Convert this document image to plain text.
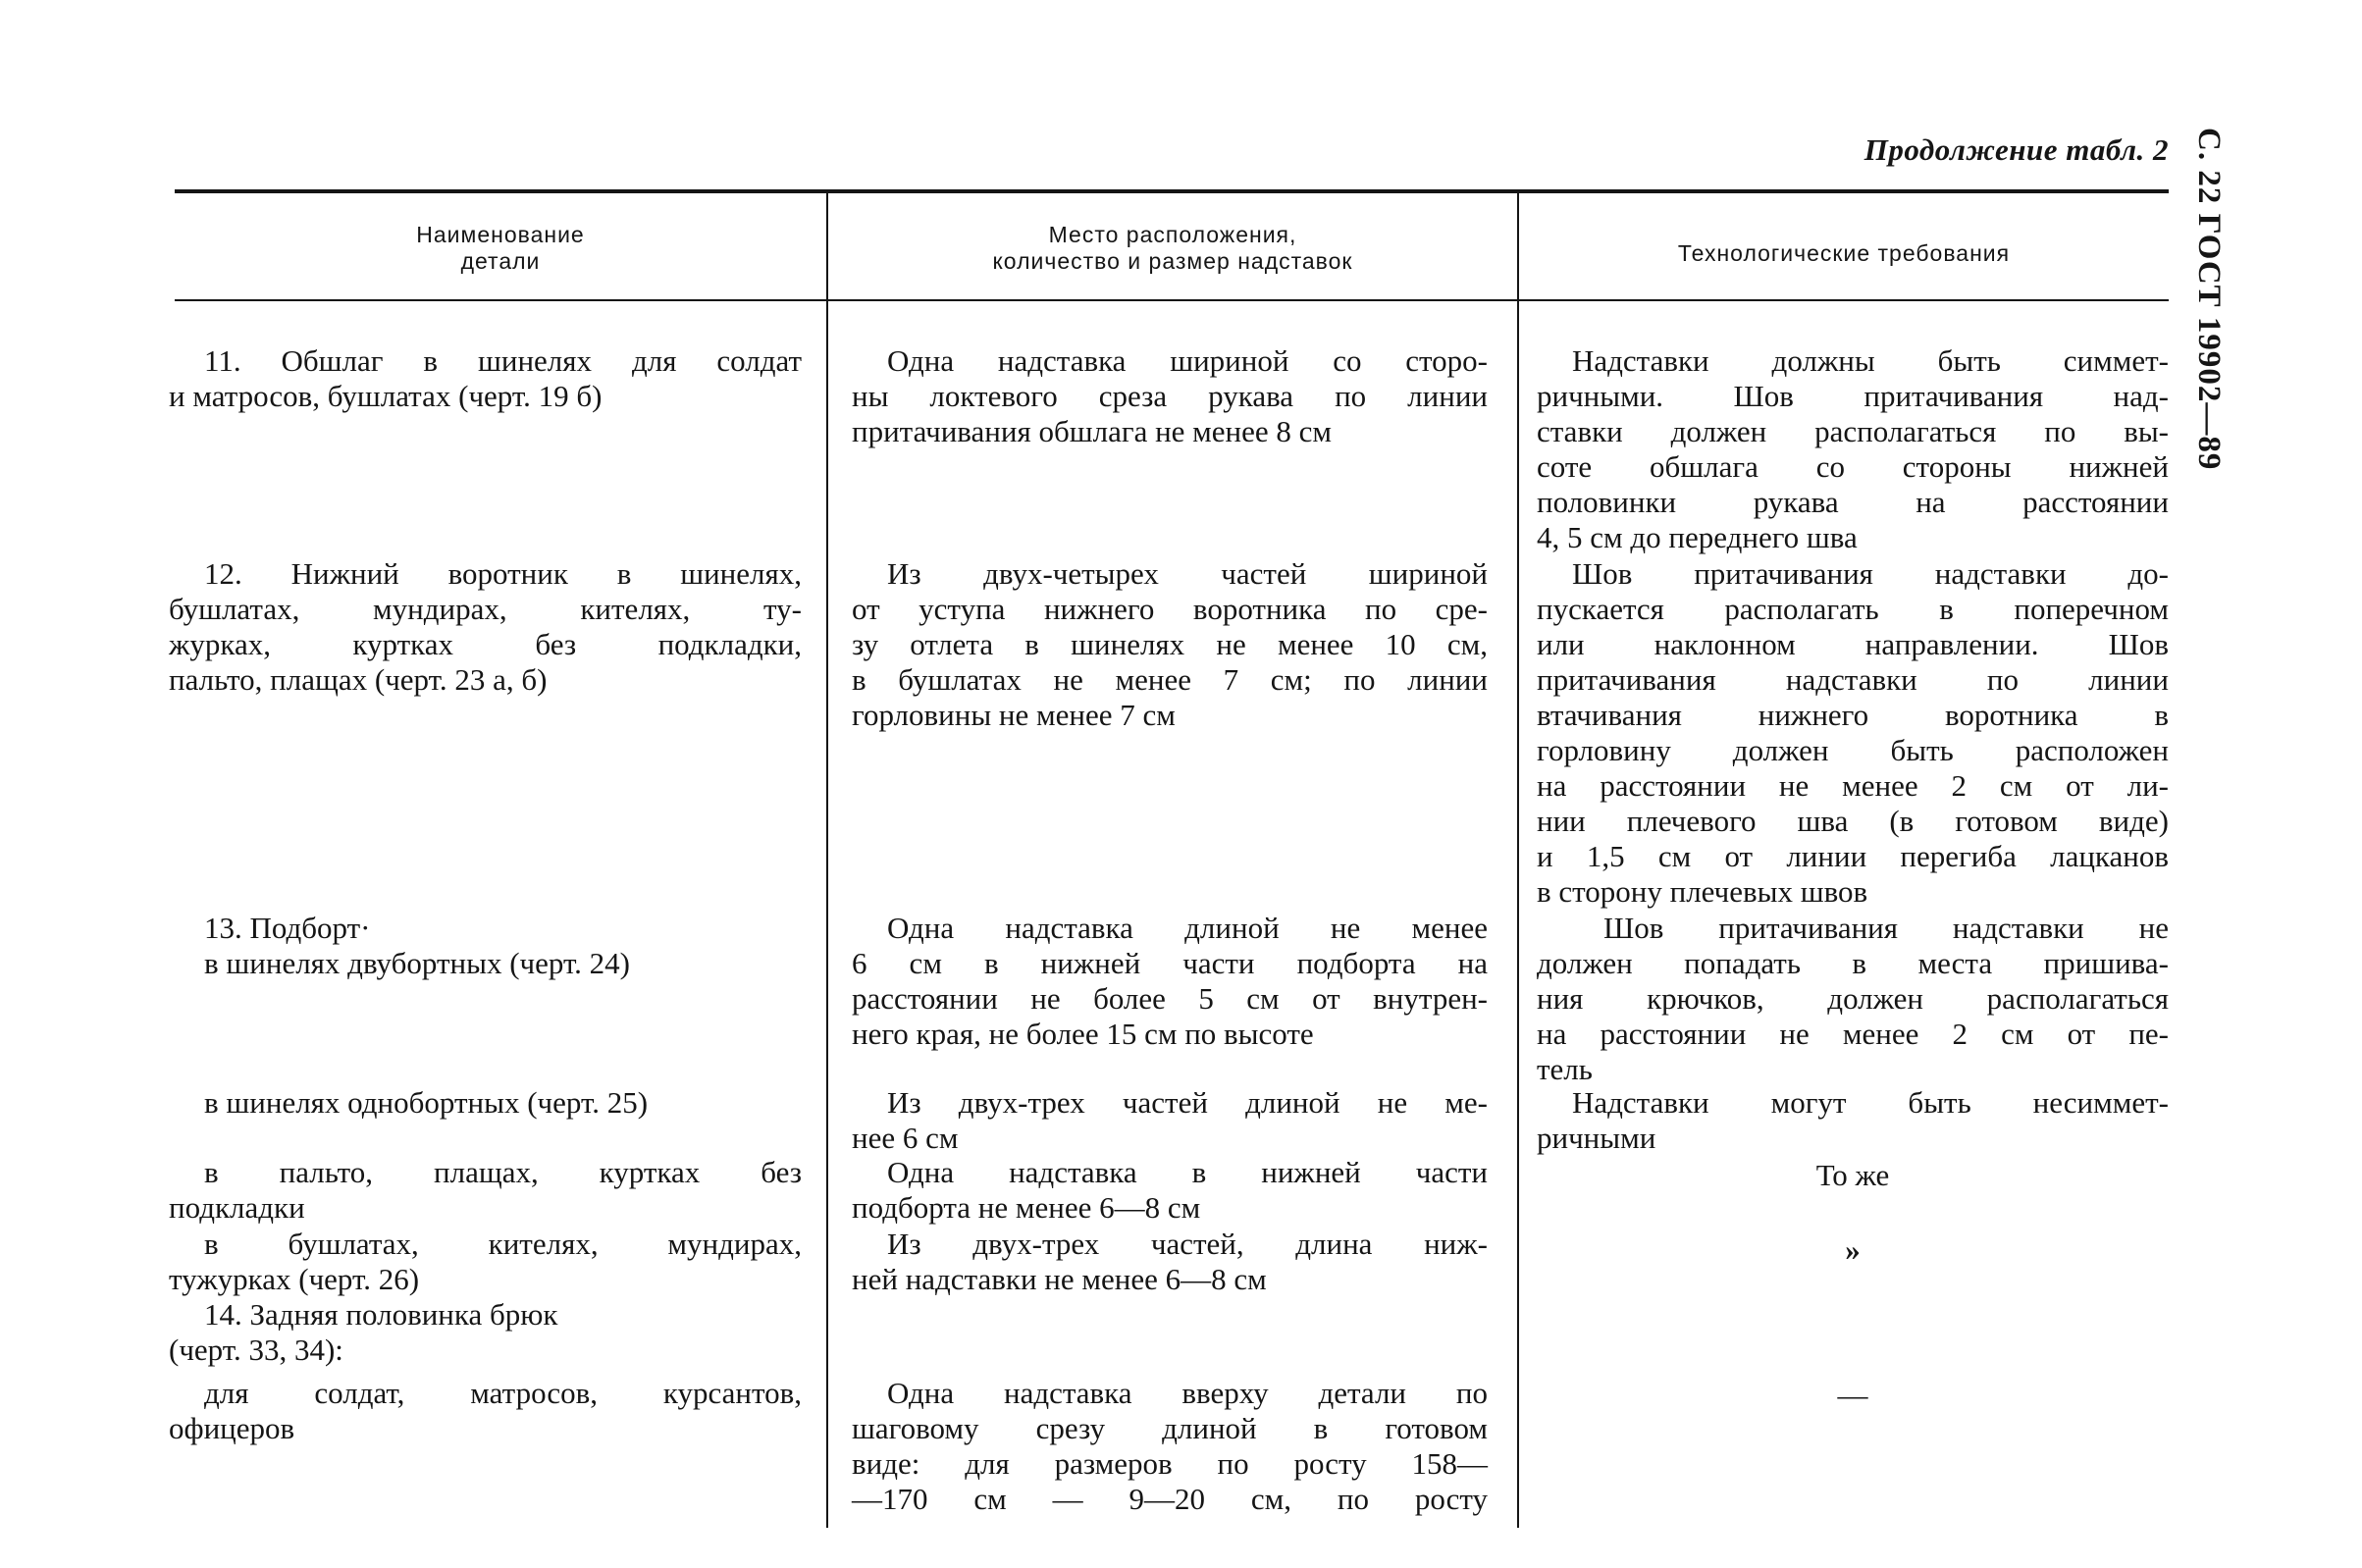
Продолжение табл. 2 С. 22 ГОСТ 19902—89
Наименование
детали
Место расположения,
количество и размер надставок	Технологические требования
11. Обшлаг в шинелях для солдат
и матросов, бушлатах (черт. 19 б)
12. Нижний воротник в шинелях,
бушлатах, мундирах, кителях, ту-
журках, куртках без подкладки,
пальто, плащах (черт. 23 а, б)
13. Подборт·
в шинелях двубортных (черт. 24)
в шинелях однобортных (черт. 25)
в пальто, плащах, куртках без
подкладки
в бушлатах, кителях, мундирах,
тужурках (черт. 26)
14. Задняя половинка брюк
(черт. 33, 34):
для солдат, матросов, курсантов,
офицеров
Одна надставка шириной со сторо-
ны локтевого среза рукава по линии
притачивания обшлага не менее 8 см
Из двух-четырех частей шириной
от уступа нижнего воротника по сре-
зу отлета в шинелях не менее 10 см,
в бушлатах не менее 7 см; по линии
горловины не менее 7 см
Одна надставка длиной не менее
6 см в нижней части подборта на
расстоянии не более 5 см от внутрен-
него края, не более 15 см по высоте
Из двух-трех частей длиной не ме-
нее 6 см
Одна надставка в нижней части
подборта не менее 6—8 см
Из двух-трех частей, длина ниж-
ней надставки не менее 6—8 см
Одна надставка вверху детали по
шаговому срезу длиной в готовом
виде: для размеров по росту 158—
—170 см — 9—20 см, по росту
Надставки должны быть симмет-
ричными. Шов притачивания над-
ставки должен располагаться по вы-
соте обшлага со стороны нижней
половинки рукава на расстоянии
4, 5 см до переднего шва
Шов притачивания надставки до-
пускается располагать в поперечном
или наклонном направлении. Шов
притачивания надставки по линии
втачивания нижнего воротника в
горловину должен быть расположен
на расстоянии не менее 2 см от ли-
нии плечевого шва (в готовом виде)
и 1,5 см от линии перегиба лацканов
в сторону плечевых швов
Шов притачивания надставки не
должен попадать в места пришива-
ния крючков, должен располагаться
на расстоянии не менее 2 см от пе-
тель
Надставки могут быть несиммет-
ричными
То же
»
—
